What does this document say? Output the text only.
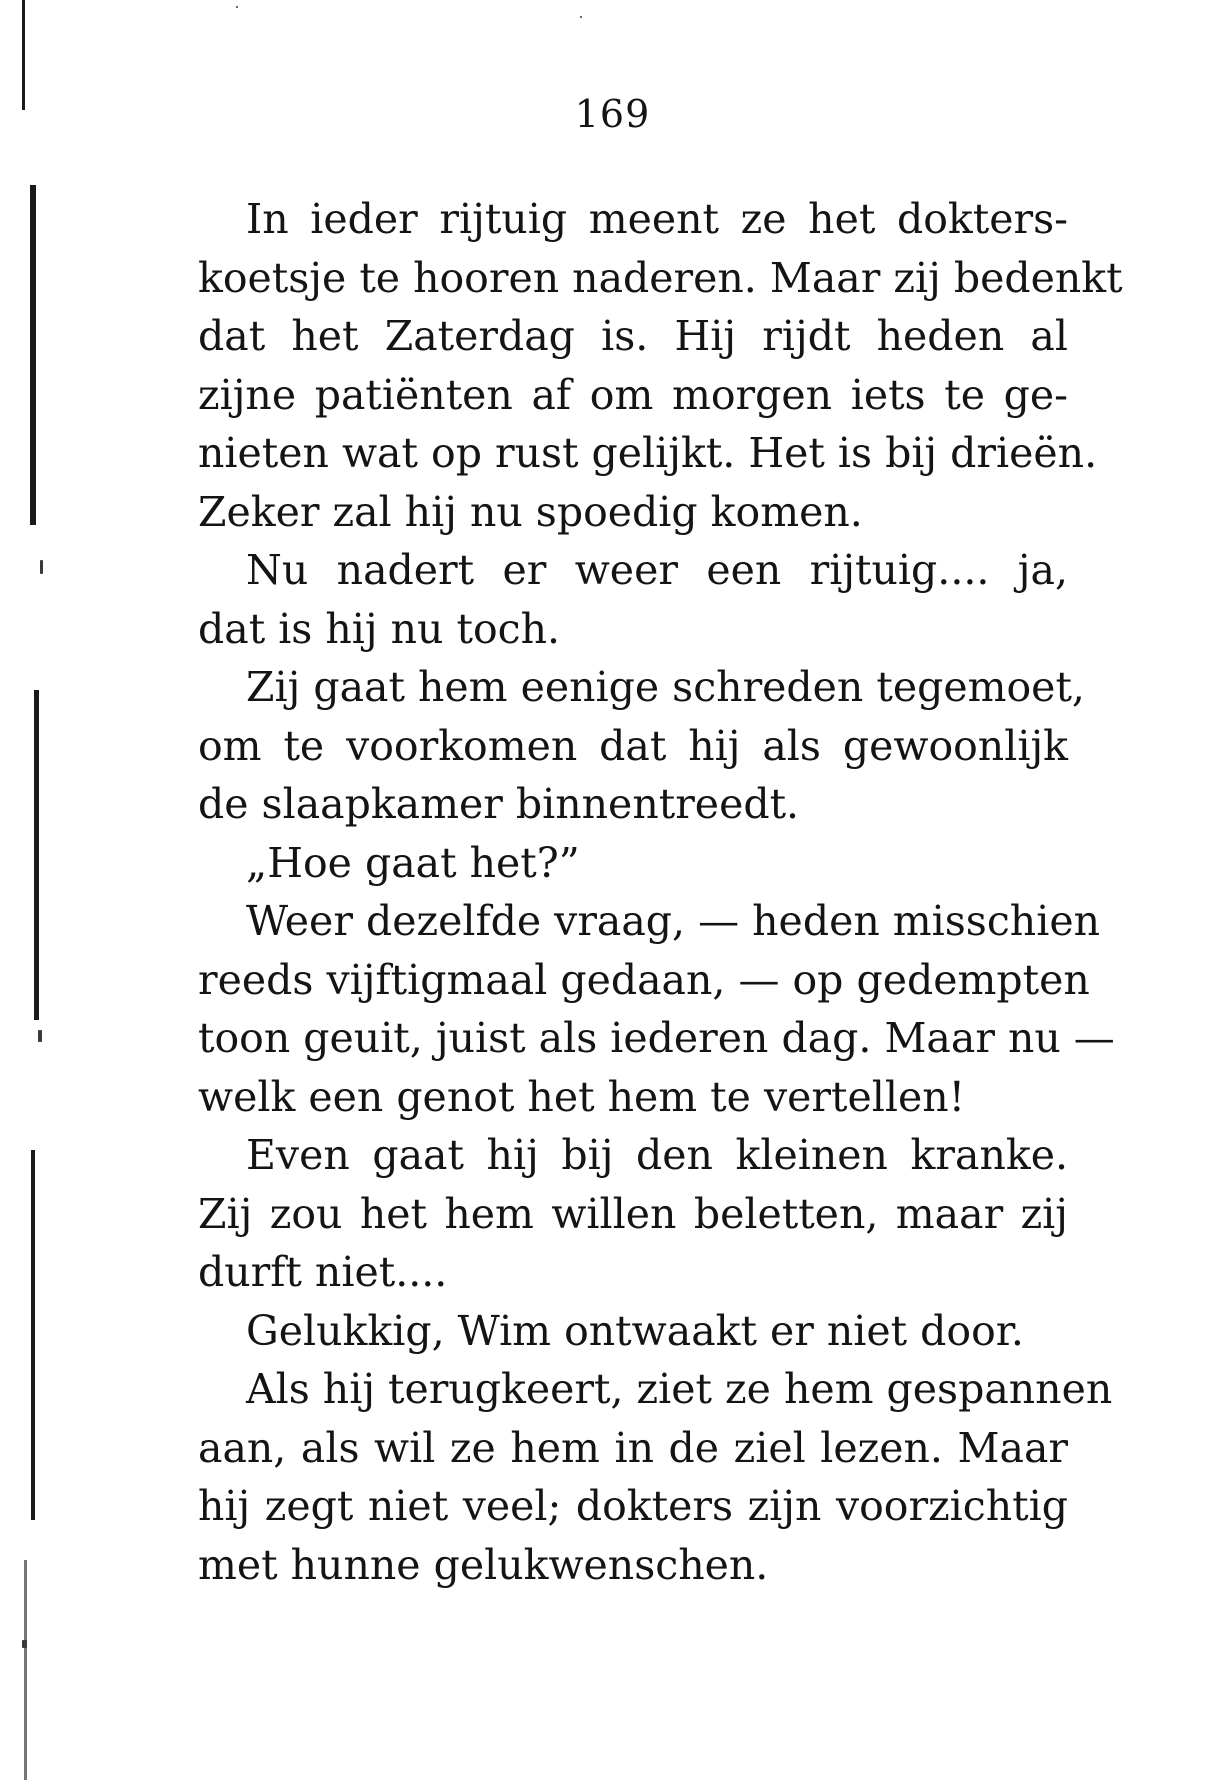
169
In ieder rijtuig meent ze het dokters-
koetsje te hooren naderen. Maar zij bedenkt
dat het Zaterdag is. Hij rijdt heden al
zijne patiënten af om morgen iets te ge-
nieten wat op rust gelijkt. Het is bij drieën.
Zeker zal hij nu spoedig komen.
Nu nadert er weer een rijtuig.... ja,
dat is hij nu toch.
Zij gaat hem eenige schreden tegemoet,
om te voorkomen dat hij als gewoonlijk
de slaapkamer binnentreedt.
„Hoe gaat het?”
Weer dezelfde vraag, — heden misschien
reeds vijftigmaal gedaan, — op gedempten
toon geuit, juist als iederen dag. Maar nu —
welk een genot het hem te vertellen!
Even gaat hij bij den kleinen kranke.
Zij zou het hem willen beletten, maar zij
durft niet....
Gelukkig, Wim ontwaakt er niet door.
Als hij terugkeert, ziet ze hem gespannen
aan, als wil ze hem in de ziel lezen. Maar
hij zegt niet veel; dokters zijn voorzichtig
met hunne gelukwenschen.
